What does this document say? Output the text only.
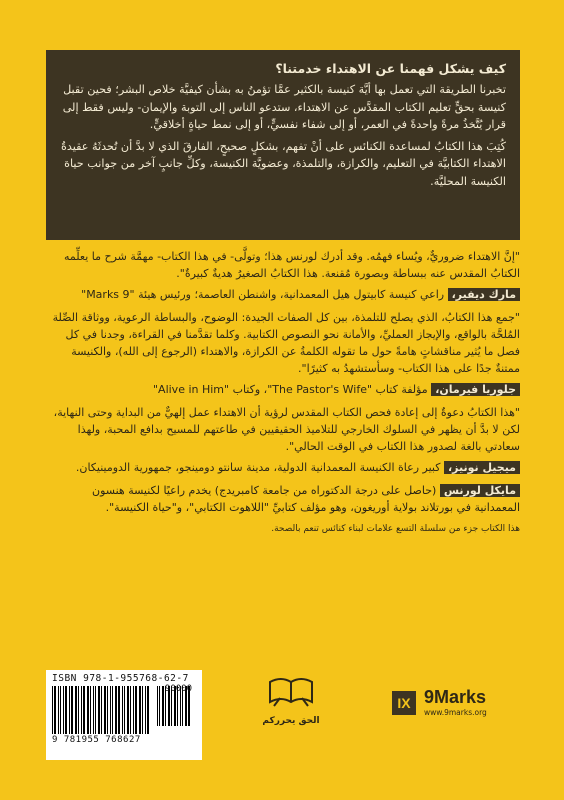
كيف يشكل فهمنا عن الاهتداء خدمتنا؟

تخبرنا الطريقة التي تعمل بها أيَّة كنيسة بالكثير عمَّا تؤمنُ به بشأن كيفيَّة خلاص البشر؛ فحين تقبل كنيسة بحقٍّ تعليم الكتاب المقدَّس عن الاهتداء، ستدعو الناس إلى التوبة والإيمان- وليس فقط إلى قرار يُتَّخذُ مرةً واحدةً في العمر، أو إلى شفاء نفسيٍّ، أو إلى نمط حياةٍ أخلاقيٍّ.

كُتِبَ هذا الكتابُ لمساعدة الكنائس على أنْ تفهم، بشكلٍ صحيحٍ، الفارقَ الذي لا بدَّ أن تُحدثَهُ عقيدةُ الاهتداء الكتابيَّة في التعليم، والكرازة، والتلمذة، وعضويَّة الكنيسة، وكلِّ جانبٍ آخر من جوانب حياة الكنيسة المحليَّة.

"إنَّ الاهتداء ضروريٌّ، ويُساء فهمُه. وقد أدرك لورنس هذا؛ وتولَّى- في هذا الكتاب- مهمَّة شرح ما يعلِّمه الكتابُ المقدس عنه ببساطة وبصورة مُقنعة. هذا الكتابُ الصغيرُ هديةٌ كبيرةٌ".
مارك ديفير، راعي كنيسة كابيتول هيل المعمدانية، واشنطن العاصمة؛ ورئيس هيئة "9 Marks"
"جمع هذا الكتابُ، الذي يصلح للتلمذة، بين كل الصفات الجيدة: الوضوح، والبساطة الرعوية، ووثاقة الصِّلة المُلحَّة بالواقع، والإيجاز العمليِّ، والأمانة نحو النصوص الكتابية. وكلما تقدَّمنا في القراءة، وجدنا في كل فصل ما يُثير مناقشاتٍ هامةً حول ما تقوله الكلمةُ عن الكرازة، والاهتداء (الرجوع إلى الله)، والكنيسة ممتنةٌ جدًا على هذا الكتاب- وسأستشهدُ به كثيرًا".
جلوريا فيرمان، مؤلفة كتاب "The Pastor's Wife"، وكتاب "Alive in Him"
"هذا الكتابُ دعوةٌ إلى إعادة فحص الكتاب المقدس لرؤية أن الاهتداء عمل إلهيٌّ من البداية وحتى النهاية، لكن لا بدَّ أن يظهر في السلوك الخارجي للتلاميذ الحقيقيين في طاعتهم للمسيح بدافع المحبة، ولهذا سعادتي بالغة لصدور هذا الكتاب في الوقت الحالي".
ميجيل نونيز، كبير رعاة الكنيسة المعمدانية الدولية، مدينة سانتو دومينجو، جمهورية الدومينيكان.
مايكل لورنس (حاصل على درجة الدكتوراه من جامعة كامبريدج) يخدم راعيًا لكنيسة هنسون المعمدانية في بورتلاند بولاية أوريغون، وهو مؤلف كتابيِّ "اللاهوت الكتابي"، و"حياة الكنيسة".
هذا الكتاب جزء من سلسلة التسع علامات لبناء كنائس تنعم بالصحة.
ISBN 978-1-955768-62-7
90000
9 781955 768627
الحق يحرركم
IX 9Marks
www.9marks.org
